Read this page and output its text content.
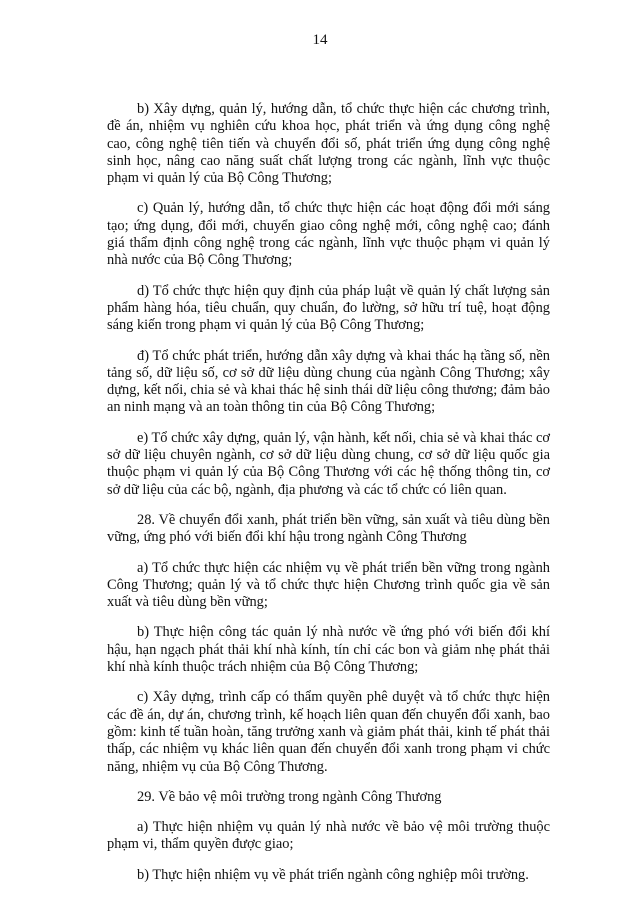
14

b) Xây dựng, quản lý, hướng dẫn, tổ chức thực hiện các chương trình, đề án, nhiệm vụ nghiên cứu khoa học, phát triển và ứng dụng công nghệ cao, công nghệ tiên tiến và chuyển đổi số, phát triển ứng dụng công nghệ sinh học, nâng cao năng suất chất lượng trong các ngành, lĩnh vực thuộc phạm vi quản lý của Bộ Công Thương;

c) Quản lý, hướng dẫn, tổ chức thực hiện các hoạt động đổi mới sáng tạo; ứng dụng, đổi mới, chuyển giao công nghệ mới, công nghệ cao; đánh giá thẩm định công nghệ trong các ngành, lĩnh vực thuộc phạm vi quản lý nhà nước của Bộ Công Thương;

d) Tổ chức thực hiện quy định của pháp luật về quản lý chất lượng sản phẩm hàng hóa, tiêu chuẩn, quy chuẩn, đo lường, sở hữu trí tuệ, hoạt động sáng kiến trong phạm vi quản lý của Bộ Công Thương;

đ) Tổ chức phát triển, hướng dẫn xây dựng và khai thác hạ tầng số, nền tảng số, dữ liệu số, cơ sở dữ liệu dùng chung của ngành Công Thương; xây dựng, kết nối, chia sẻ và khai thác hệ sinh thái dữ liệu công thương; đảm bảo an ninh mạng và an toàn thông tin của Bộ Công Thương;

e) Tổ chức xây dựng, quản lý, vận hành, kết nối, chia sẻ và khai thác cơ sở dữ liệu chuyên ngành, cơ sở dữ liệu dùng chung, cơ sở dữ liệu quốc gia thuộc phạm vi quản lý của Bộ Công Thương với các hệ thống thông tin, cơ sở dữ liệu của các bộ, ngành, địa phương và các tổ chức có liên quan.

28. Về chuyển đổi xanh, phát triển bền vững, sản xuất và tiêu dùng bền vững, ứng phó với biến đổi khí hậu trong ngành Công Thương

a) Tổ chức thực hiện các nhiệm vụ về phát triển bền vững trong ngành Công Thương; quản lý và tổ chức thực hiện Chương trình quốc gia về sản xuất và tiêu dùng bền vững;

b) Thực hiện công tác quản lý nhà nước về ứng phó với biến đổi khí hậu, hạn ngạch phát thải khí nhà kính, tín chỉ các bon và giảm nhẹ phát thải khí nhà kính thuộc trách nhiệm của Bộ Công Thương;

c) Xây dựng, trình cấp có thẩm quyền phê duyệt và tổ chức thực hiện các đề án, dự án, chương trình, kế hoạch liên quan đến chuyển đổi xanh, bao gồm: kinh tế tuần hoàn, tăng trưởng xanh và giảm phát thải, kinh tế phát thải thấp, các nhiệm vụ khác liên quan đến chuyển đổi xanh trong phạm vi chức năng, nhiệm vụ của Bộ Công Thương.

29. Về bảo vệ môi trường trong ngành Công Thương

a) Thực hiện nhiệm vụ quản lý nhà nước về bảo vệ môi trường thuộc phạm vi, thẩm quyền được giao;

b) Thực hiện nhiệm vụ về phát triển ngành công nghiệp môi trường.
